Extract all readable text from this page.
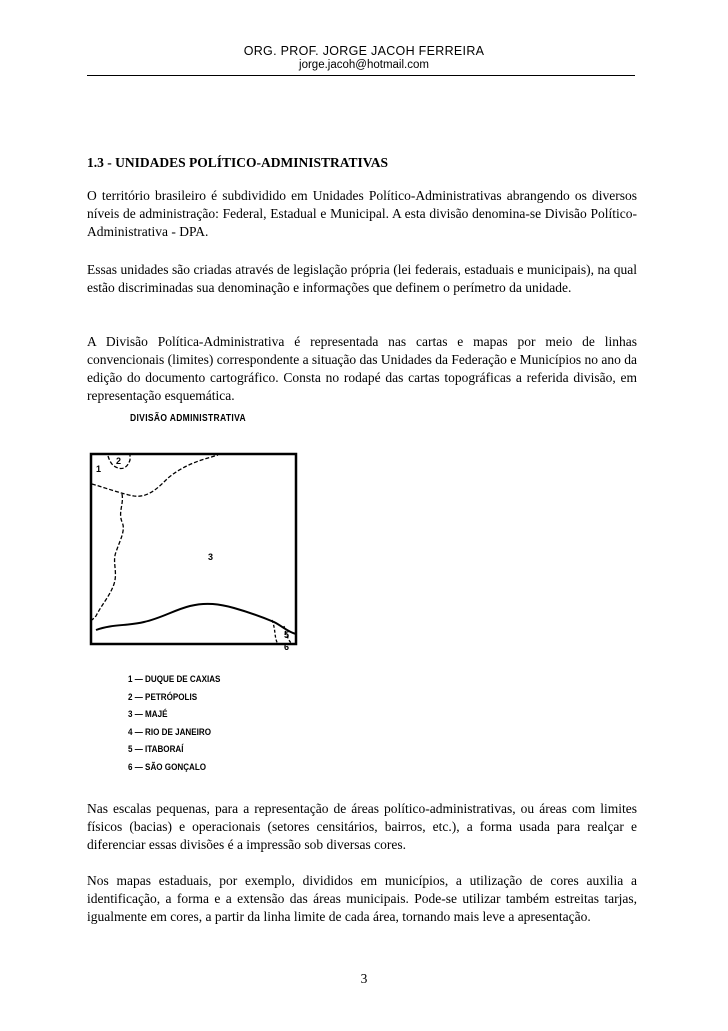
ORG. PROF. JORGE JACOH FERREIRA
jorge.jacoh@hotmail.com
1.3 - UNIDADES POLÍTICO-ADMINISTRATIVAS

O território brasileiro é subdividido em Unidades Político-Administrativas abrangendo os diversos níveis de administração: Federal, Estadual e Municipal. A esta divisão denomina-se Divisão Político- Administrativa - DPA.

Essas unidades são criadas através de legislação própria (lei federais, estaduais e municipais), na qual estão discriminadas sua denominação e informações que definem o perímetro da unidade.

A Divisão Política-Administrativa é representada nas cartas e mapas por meio de linhas convencionais (limites) correspondente a situação das Unidades da Federação e Municípios no ano da edição do documento cartográfico. Consta no rodapé das cartas topográficas a referida divisão, em representação esquemática.

DIVISÃO ADMINISTRATIVA
1
2
3
5
6
1 — DUQUE DE CAXIAS
2 — PETRÓPOLIS
3 — MAJÉ
4 — RIO DE JANEIRO
5 — ITABORAÍ
6 — SÃO GONÇALO

Nas escalas pequenas, para a representação de áreas político-administrativas, ou áreas com limites físicos (bacias) e operacionais (setores censitários, bairros, etc.), a forma usada para realçar e diferenciar essas divisões é a impressão sob diversas cores.

Nos mapas estaduais, por exemplo, divididos em municípios, a utilização de cores auxilia a identificação, a forma e a extensão das áreas municipais. Pode-se utilizar também estreitas tarjas, igualmente em cores, a partir da linha limite de cada área, tornando mais leve a apresentação.

3
